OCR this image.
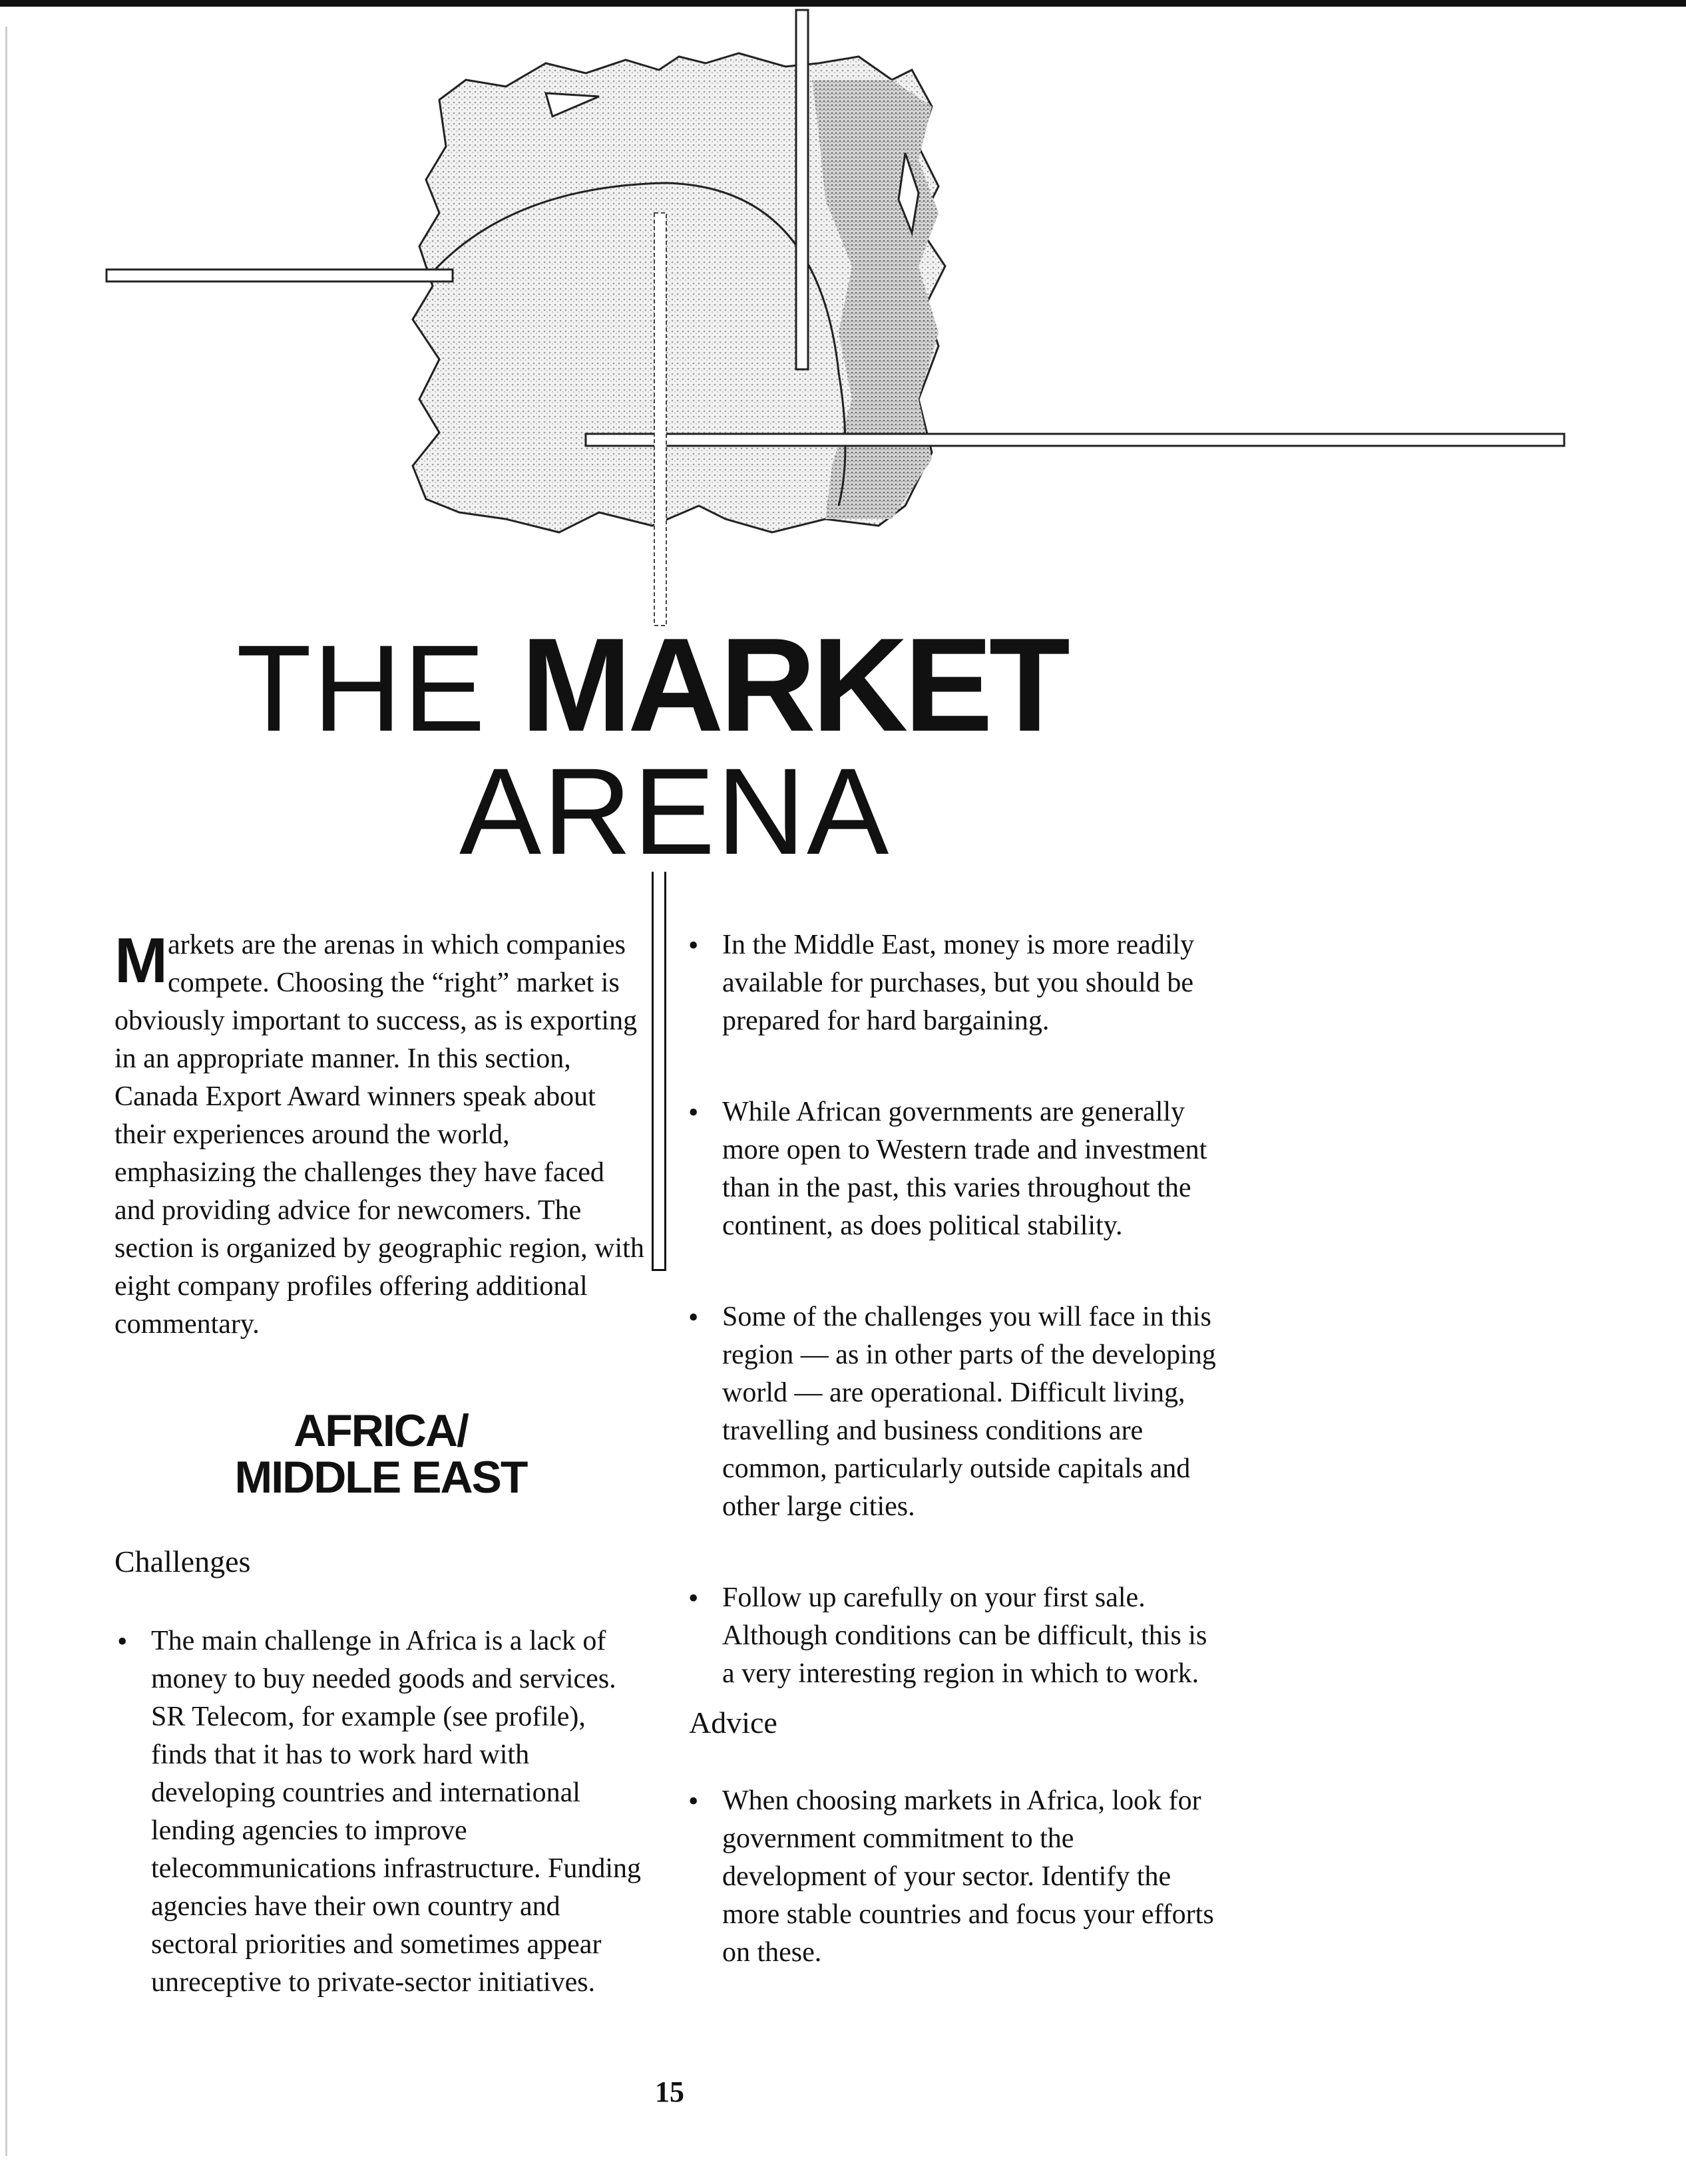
THE MARKET
ARENA
Markets are the arenas in which companies compete. Choosing the “right” market is obviously important to success, as is exporting in an appropriate manner. In this section, Canada Export Award winners speak about their experiences around the world, emphasizing the challenges they have faced and providing advice for newcomers. The section is organized by geographic region, with eight company profiles offering additional commentary.
AFRICA/
MIDDLE EAST
Challenges
• The main challenge in Africa is a lack of money to buy needed goods and services. SR Telecom, for example (see profile), finds that it has to work hard with developing countries and international lending agencies to improve telecommunications infrastructure. Funding agencies have their own country and sectoral priorities and sometimes appear unreceptive to private-sector initiatives.
• In the Middle East, money is more readily available for purchases, but you should be prepared for hard bargaining.
• While African governments are generally more open to Western trade and investment than in the past, this varies throughout the continent, as does political stability.
• Some of the challenges you will face in this region — as in other parts of the developing world — are operational. Difficult living, travelling and business conditions are common, particularly outside capitals and other large cities.
• Follow up carefully on your first sale. Although conditions can be difficult, this is a very interesting region in which to work.
Advice
• When choosing markets in Africa, look for government commitment to the development of your sector. Identify the more stable countries and focus your efforts on these.
15
